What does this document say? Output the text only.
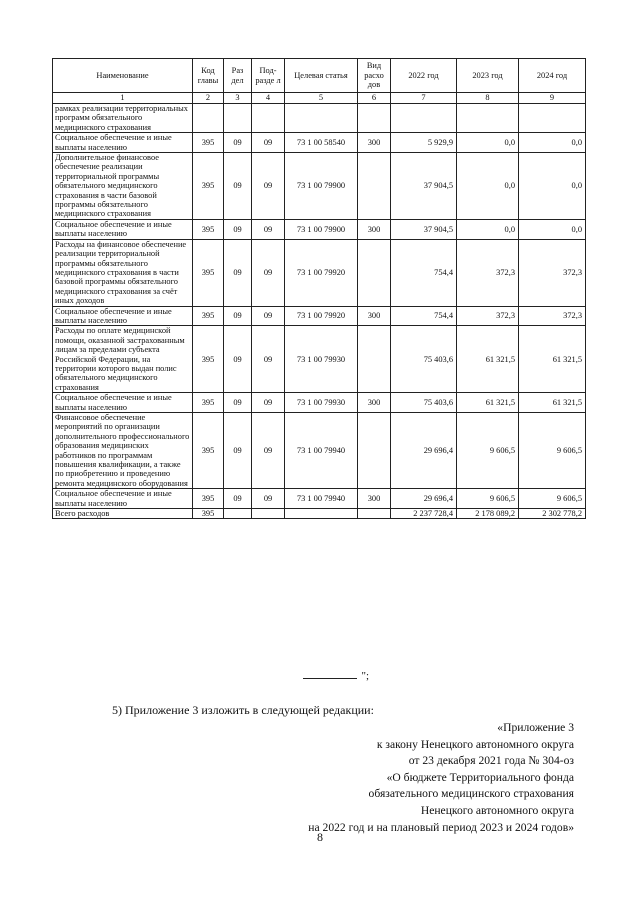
Наименование	Код главы	Раз дел	Под-разде л	Целевая статья	Вид расхо дов	2022 год	2023 год	2024 год
1	2	3	4	5	6	7	8	9
рамках реализации территориальных программ обязательного медицинского страхования								
Социальное обеспечение и иные выплаты населению	395	09	09	73 1 00 58540	300	5 929,9	0,0	0,0
Дополнительное финансовое обеспечение реализации территориальной программы обязательного медицинского страхования в части базовой программы обязательного медицинского страхования	395	09	09	73 1 00 79900		37 904,5	0,0	0,0
Социальное обеспечение и иные выплаты населению	395	09	09	73 1 00 79900	300	37 904,5	0,0	0,0
Расходы на финансовое обеспечение реализации территориальной программы обязательного медицинского страхования в части базовой программы обязательного медицинского страхования за счёт иных доходов	395	09	09	73 1 00 79920		754,4	372,3	372,3
Социальное обеспечение и иные выплаты населению	395	09	09	73 1 00 79920	300	754,4	372,3	372,3
Расходы по оплате медицинской помощи, оказанной застрахованным лицам за пределами субъекта Российской Федерации, на территории которого выдан полис обязательного медицинского страхования	395	09	09	73 1 00 79930		75 403,6	61 321,5	61 321,5
Социальное обеспечение и иные выплаты населению	395	09	09	73 1 00 79930	300	75 403,6	61 321,5	61 321,5
Финансовое обеспечение мероприятий по организации дополнительного профессионального образования медицинских работников по программам повышения квалификации, а также по приобретению и проведению ремонта медицинского оборудования	395	09	09	73 1 00 79940		29 696,4	9 606,5	9 606,5
Социальное обеспечение и иные выплаты населению	395	09	09	73 1 00 79940	300	29 696,4	9 606,5	9 606,5
Всего расходов	395					2 237 728,4	2 178 089,2	2 302 778,2
";
5) Приложение 3 изложить в следующей редакции:
«Приложение 3
к закону Ненецкого автономного округа
от 23 декабря 2021 года № 304-оз
«О бюджете Территориального фонда
обязательного медицинского страхования
Ненецкого автономного округа
на 2022 год и на плановый период 2023 и 2024 годов»
8
